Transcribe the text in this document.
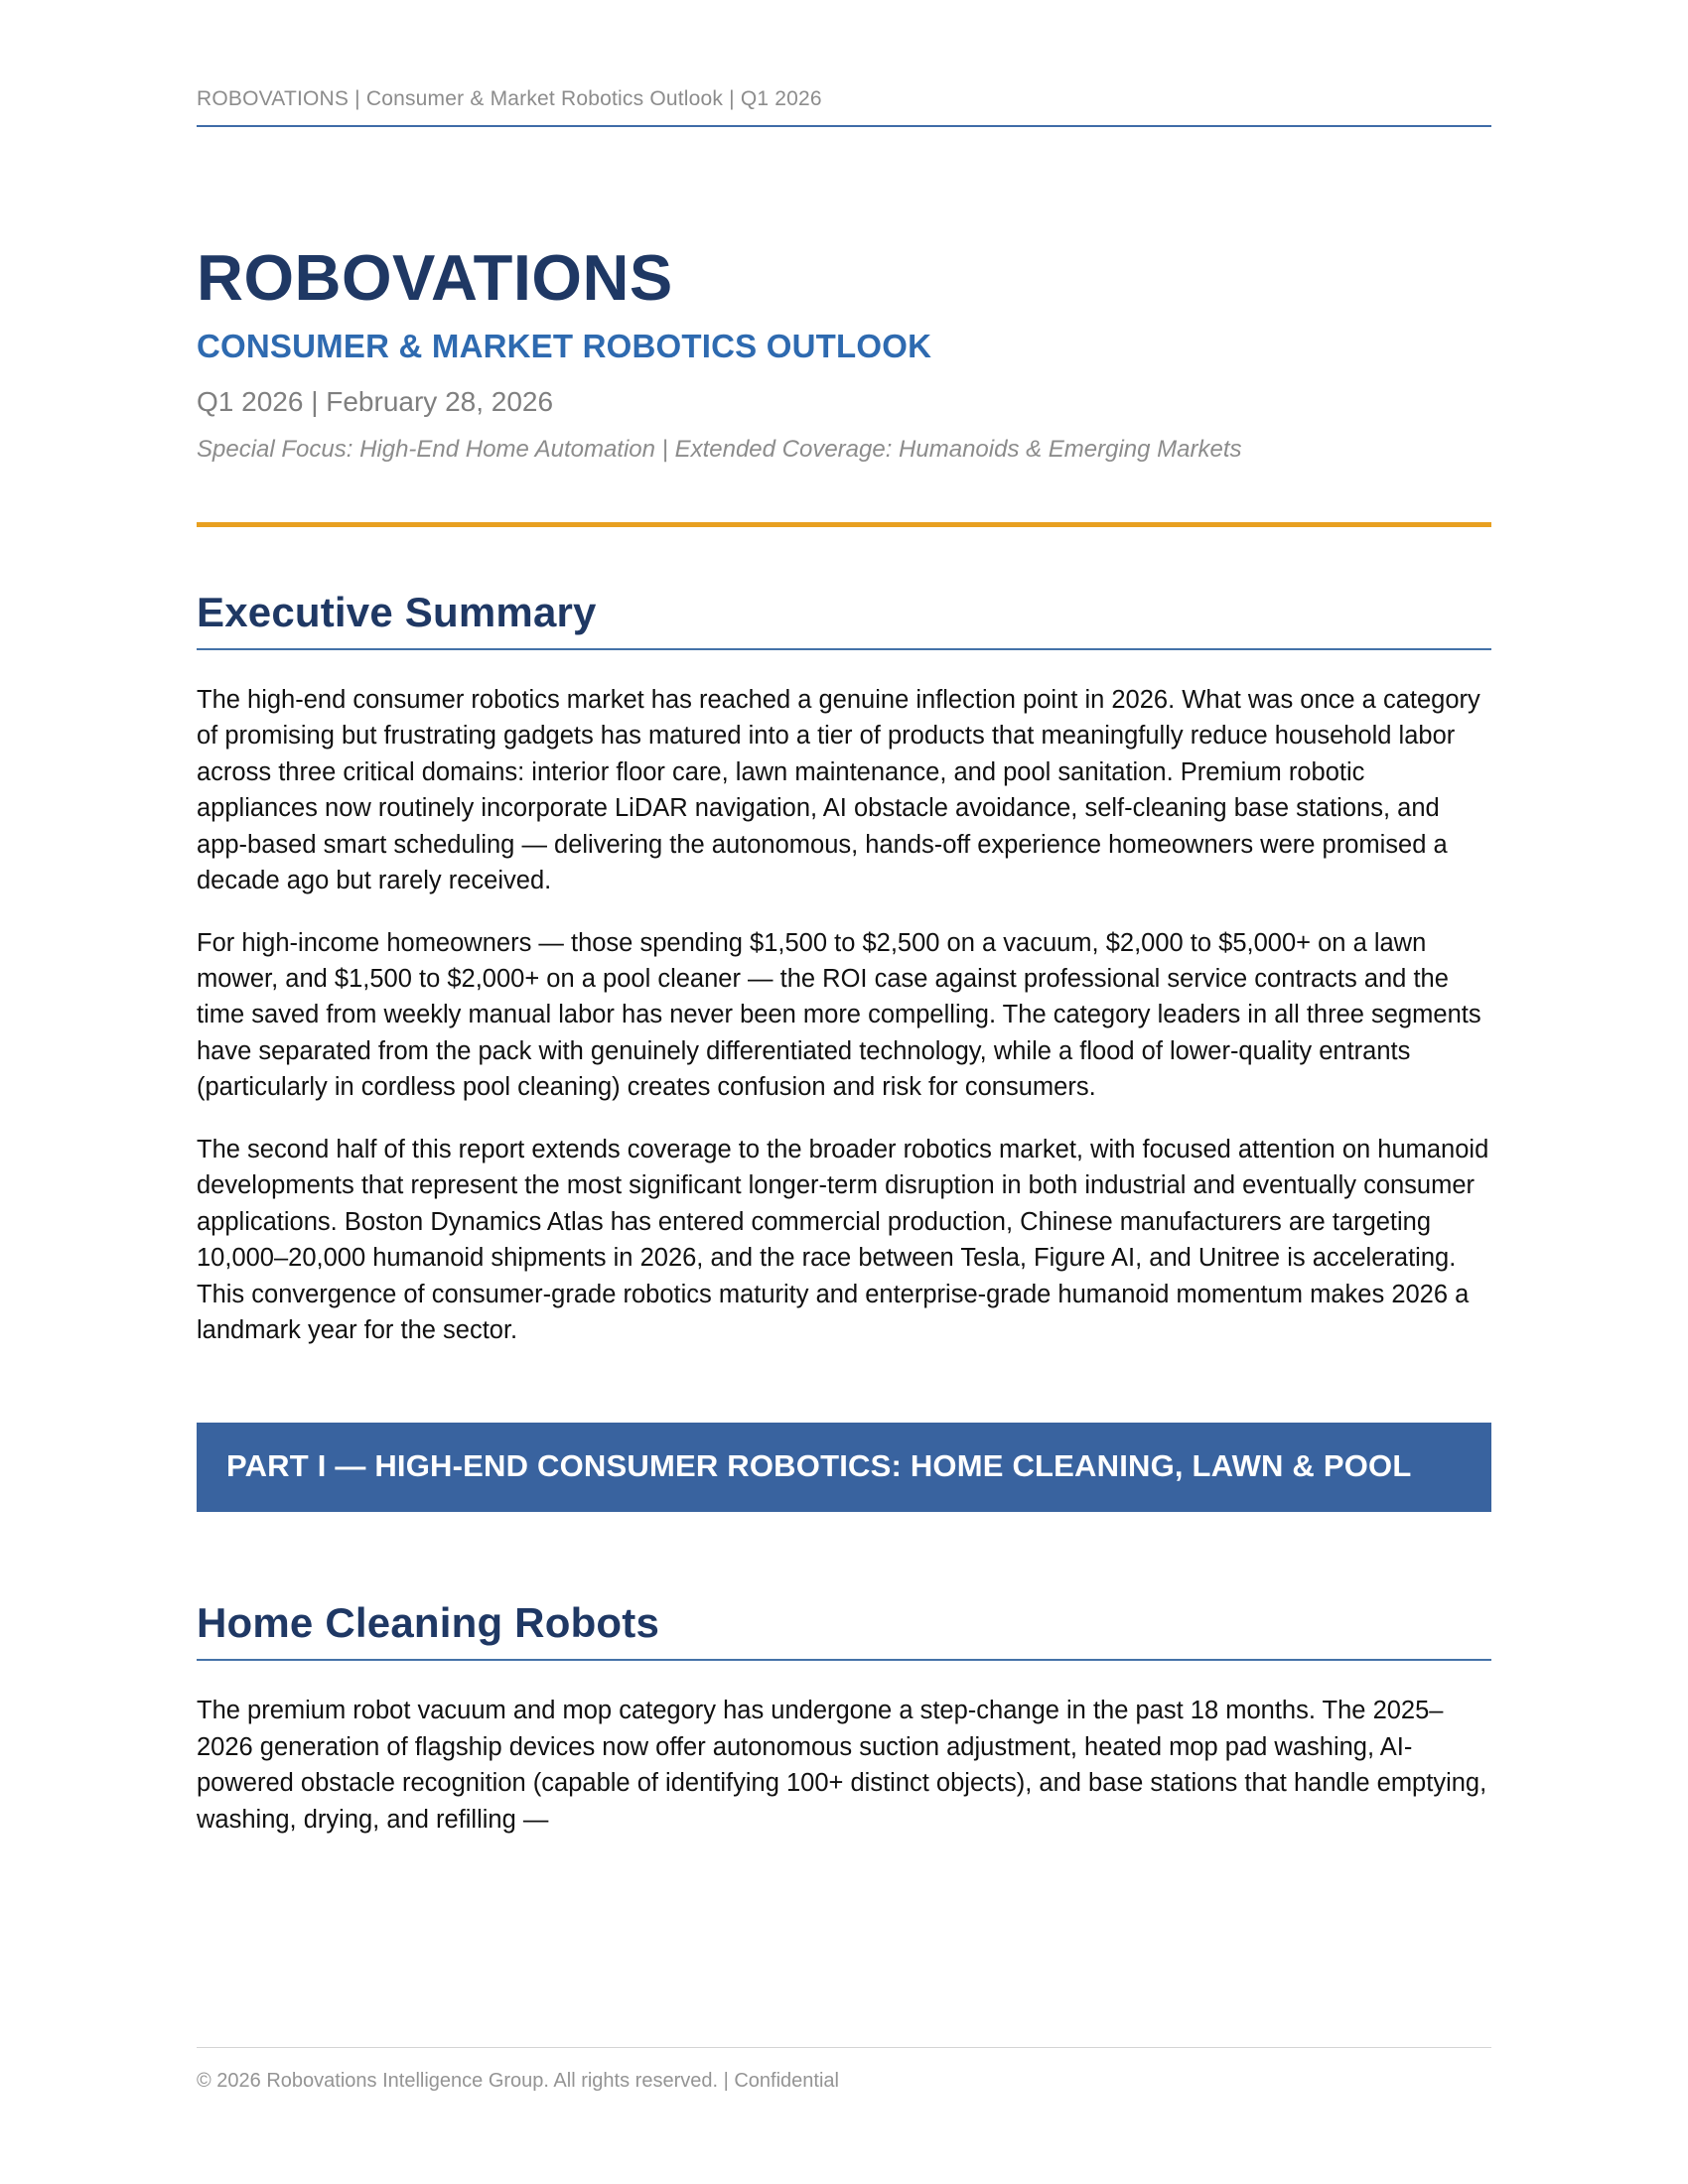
ROBOVATIONS | Consumer & Market Robotics Outlook | Q1 2026
ROBOVATIONS
CONSUMER & MARKET ROBOTICS OUTLOOK
Q1 2026 | February 28, 2026
Special Focus: High-End Home Automation | Extended Coverage: Humanoids & Emerging Markets
Executive Summary

The high-end consumer robotics market has reached a genuine inflection point in 2026. What was once a category of promising but frustrating gadgets has matured into a tier of products that meaningfully reduce household labor across three critical domains: interior floor care, lawn maintenance, and pool sanitation. Premium robotic appliances now routinely incorporate LiDAR navigation, AI obstacle avoidance, self-cleaning base stations, and app-based smart scheduling — delivering the autonomous, hands-off experience homeowners were promised a decade ago but rarely received.

For high-income homeowners — those spending $1,500 to $2,500 on a vacuum, $2,000 to $5,000+ on a lawn mower, and $1,500 to $2,000+ on a pool cleaner — the ROI case against professional service contracts and the time saved from weekly manual labor has never been more compelling. The category leaders in all three segments have separated from the pack with genuinely differentiated technology, while a flood of lower-quality entrants (particularly in cordless pool cleaning) creates confusion and risk for consumers.

The second half of this report extends coverage to the broader robotics market, with focused attention on humanoid developments that represent the most significant longer-term disruption in both industrial and eventually consumer applications. Boston Dynamics Atlas has entered commercial production, Chinese manufacturers are targeting 10,000–20,000 humanoid shipments in 2026, and the race between Tesla, Figure AI, and Unitree is accelerating. This convergence of consumer-grade robotics maturity and enterprise-grade humanoid momentum makes 2026 a landmark year for the sector.

PART I — HIGH-END CONSUMER ROBOTICS: HOME CLEANING, LAWN & POOL
Home Cleaning Robots

The premium robot vacuum and mop category has undergone a step-change in the past 18 months. The 2025–2026 generation of flagship devices now offer autonomous suction adjustment, heated mop pad washing, AI-powered obstacle recognition (capable of identifying 100+ distinct objects), and base stations that handle emptying, washing, drying, and refilling —

© 2026 Robovations Intelligence Group. All rights reserved. | Confidential
